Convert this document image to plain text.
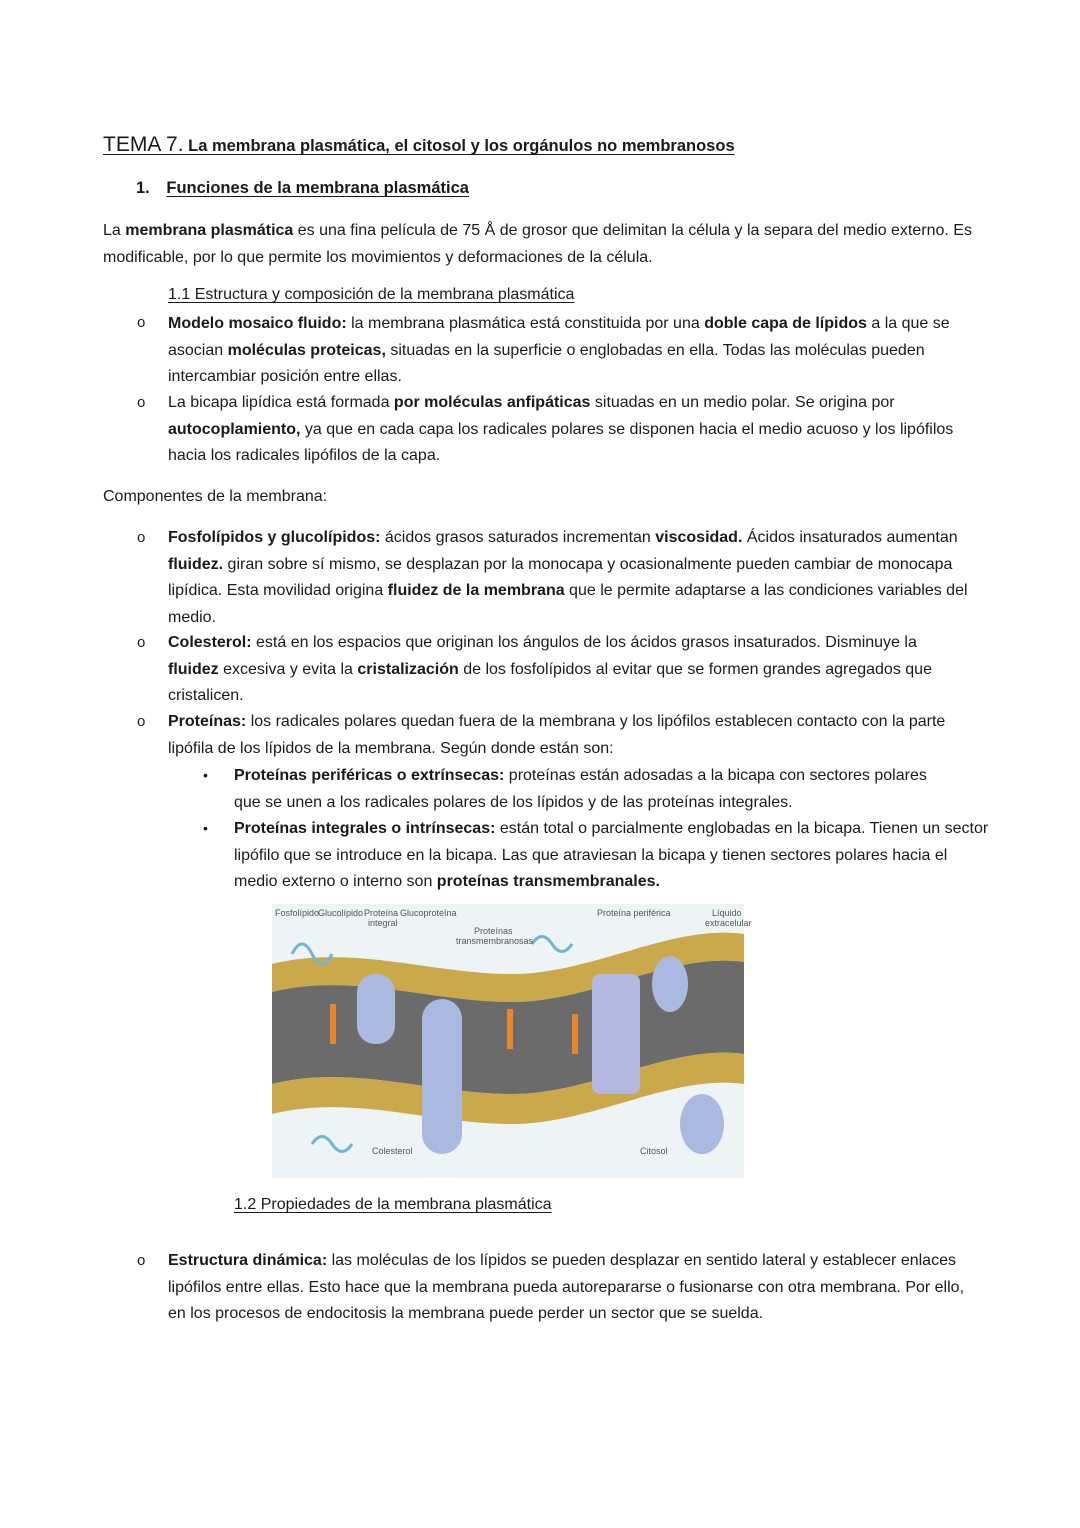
TEMA 7. La membrana plasmática, el citosol y los orgánulos no membranosos
1. Funciones de la membrana plasmática
La membrana plasmática es una fina película de 75 Å de grosor que delimitan la célula y la separa del medio externo. Es modificable, por lo que permite los movimientos y deformaciones de la célula.
1.1 Estructura y composición de la membrana plasmática
o Modelo mosaico fluido: la membrana plasmática está constituida por una doble capa de lípidos a la que se asocian moléculas proteicas, situadas en la superficie o englobadas en ella. Todas las moléculas pueden intercambiar posición entre ellas.
o La bicapa lipídica está formada por moléculas anfipáticas situadas en un medio polar. Se origina por autocoplamiento, ya que en cada capa los radicales polares se disponen hacia el medio acuoso y los lipófilos hacia los radicales lipófilos de la capa.
Componentes de la membrana:
o Fosfolípidos y glucolípidos: ácidos grasos saturados incrementan viscosidad. Ácidos insaturados aumentan fluidez. giran sobre sí mismo, se desplazan por la monocapa y ocasionalmente pueden cambiar de monocapa lipídica. Esta movilidad origina fluidez de la membrana que le permite adaptarse a las condiciones variables del medio.
o Colesterol: está en los espacios que originan los ángulos de los ácidos grasos insaturados. Disminuye la fluidez excesiva y evita la cristalización de los fosfolípidos al evitar que se formen grandes agregados que cristalicen.
o Proteínas: los radicales polares quedan fuera de la membrana y los lipófilos establecen contacto con la parte lipófila de los lípidos de la membrana. Según donde están son:
• Proteínas periféricas o extrínsecas: proteínas están adosadas a la bicapa con sectores polares que se unen a los radicales polares de los lípidos y de las proteínas integrales.
• Proteínas integrales o intrínsecas: están total o parcialmente englobadas en la bicapa. Tienen un sector lipófilo que se introduce en la bicapa. Las que atraviesan la bicapa y tienen sectores polares hacia el medio externo o interno son proteínas transmembranales.
Fosfolípido
Glucolípido Proteína
integral
Glucoproteína
Proteínas
transmembranosas
Proteína periférica	Líquido
extracelular
Colesterol	Citosol
1.2 Propiedades de la membrana plasmática
o Estructura dinámica: las moléculas de los lípidos se pueden desplazar en sentido lateral y establecer enlaces lipófilos entre ellas. Esto hace que la membrana pueda autorepararse o fusionarse con otra membrana. Por ello, en los procesos de endocitosis la membrana puede perder un sector que se suelda.
